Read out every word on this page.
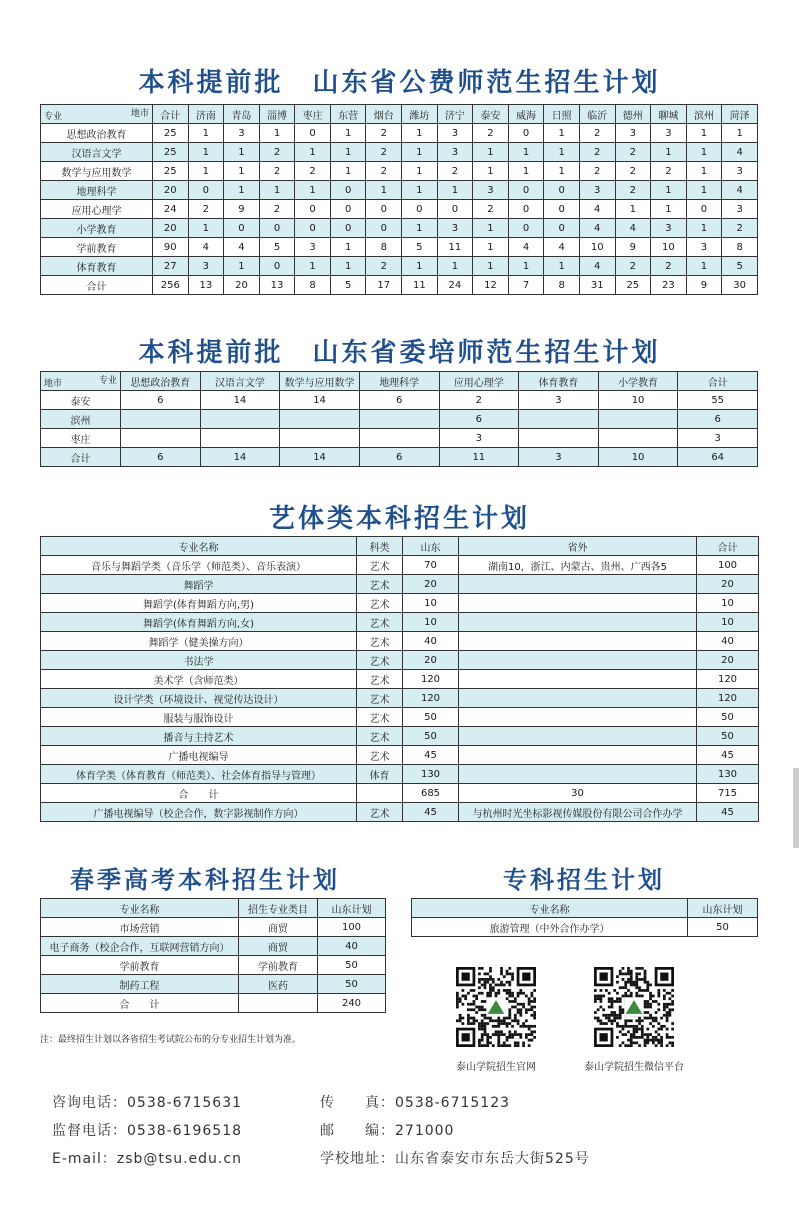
本科提前批　山东省公费师范生招生计划
地市
专业	合计	济南	青岛	淄博	枣庄	东营	烟台	潍坊	济宁	泰安	威海	日照	临沂	德州	聊城	滨州	菏泽
思想政治教育	25	1	3	1	0	1	2	1	3	2	0	1	2	3	3	1	1
汉语言文学	25	1	1	2	1	1	2	1	3	1	1	1	2	2	1	1	4
数学与应用数学	25	1	1	2	2	1	2	1	2	1	1	1	2	2	2	1	3
地理科学	20	0	1	1	1	0	1	1	1	3	0	0	3	2	1	1	4
应用心理学	24	2	9	2	0	0	0	0	0	2	0	0	4	1	1	0	3
小学教育	20	1	0	0	0	0	0	1	3	1	0	0	4	4	3	1	2
学前教育	90	4	4	5	3	1	8	5	11	1	4	4	10	9	10	3	8
体育教育	27	3	1	0	1	1	2	1	1	1	1	1	4	2	2	1	5
合计	256	13	20	13	8	5	17	11	24	12	7	8	31	25	23	9	30
本科提前批　山东省委培师范生招生计划
专业
地市	思想政治教育	汉语言文学	数学与应用数学	地理科学	应用心理学	体育教育	小学教育	合计
泰安	6	14	14	6	2	3	10	55
滨州					6			6
枣庄					3			3
合计	6	14	14	6	11	3	10	64
艺体类本科招生计划
专业名称	科类	山东	省外	合计
音乐与舞蹈学类（音乐学（师范类）、音乐表演）	艺术	70	湖南10，浙江、内蒙古、贵州、广西各5	100
舞蹈学	艺术	20		20
舞蹈学(体育舞蹈方向,男)	艺术	10		10
舞蹈学(体育舞蹈方向,女)	艺术	10		10
舞蹈学（健美操方向）	艺术	40		40
书法学	艺术	20		20
美术学（含师范类）	艺术	120		120
设计学类（环境设计、视觉传达设计）	艺术	120		120
服装与服饰设计	艺术	50		50
播音与主持艺术	艺术	50		50
广播电视编导	艺术	45		45
体育学类（体育教育（师范类）、社会体育指导与管理）	体育	130		130
合　　计		685	30	715
广播电视编导（校企合作，数字影视制作方向）	艺术	45	与杭州时光坐标影视传媒股份有限公司合作办学	45
春季高考本科招生计划
专业名称	招生专业类目	山东计划
市场营销	商贸	100
电子商务（校企合作，互联网营销方向）	商贸	40
学前教育	学前教育	50
制药工程	医药	50
合　　计		240
专科招生计划
专业名称	山东计划
旅游管理（中外合作办学）	50
注：最终招生计划以各省招生考试院公布的分专业招生计划为准。
泰山学院招生官网	泰山学院招生微信平台
咨询电话：0538-6715631	传　　真：0538-6715123
监督电话：0538-6196518	邮　　编：271000
E-mail：zsb@tsu.edu.cn	学校地址：山东省泰安市东岳大街525号
